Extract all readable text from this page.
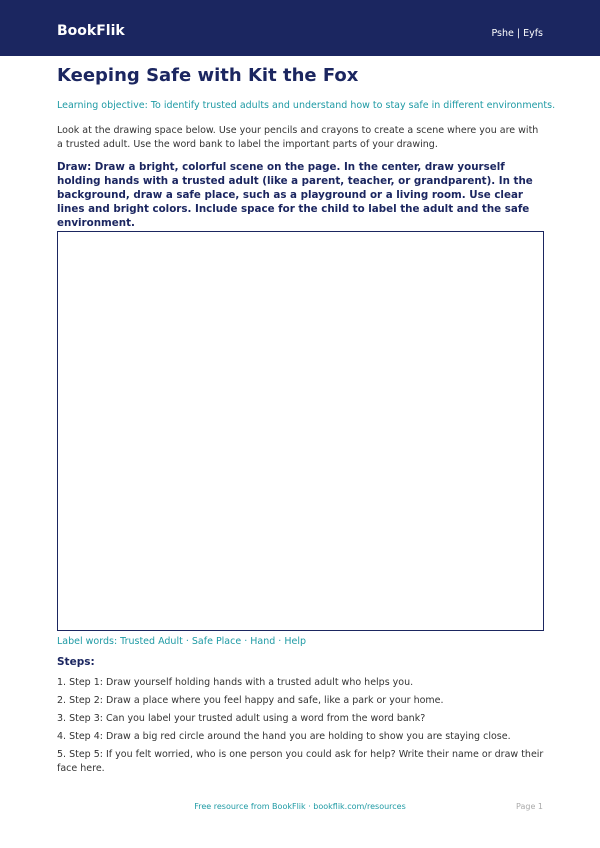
BookFlik	Pshe | Eyfs
Keeping Safe with Kit the Fox
Learning objective: To identify trusted adults and understand how to stay safe in different environments.
Look at the drawing space below. Use your pencils and crayons to create a scene where you are with a trusted adult. Use the word bank to label the important parts of your drawing.
Draw: Draw a bright, colorful scene on the page. In the center, draw yourself holding hands with a trusted adult (like a parent, teacher, or grandparent). In the background, draw a safe place, such as a playground or a living room. Use clear lines and bright colors. Include space for the child to label the adult and the safe environment.
Label words: Trusted Adult · Safe Place · Hand · Help
Steps:
1. Step 1: Draw yourself holding hands with a trusted adult who helps you.
2. Step 2: Draw a place where you feel happy and safe, like a park or your home.
3. Step 3: Can you label your trusted adult using a word from the word bank?
4. Step 4: Draw a big red circle around the hand you are holding to show you are staying close.
5. Step 5: If you felt worried, who is one person you could ask for help? Write their name or draw their face here.
Free resource from BookFlik · bookflik.com/resources	Page 1
